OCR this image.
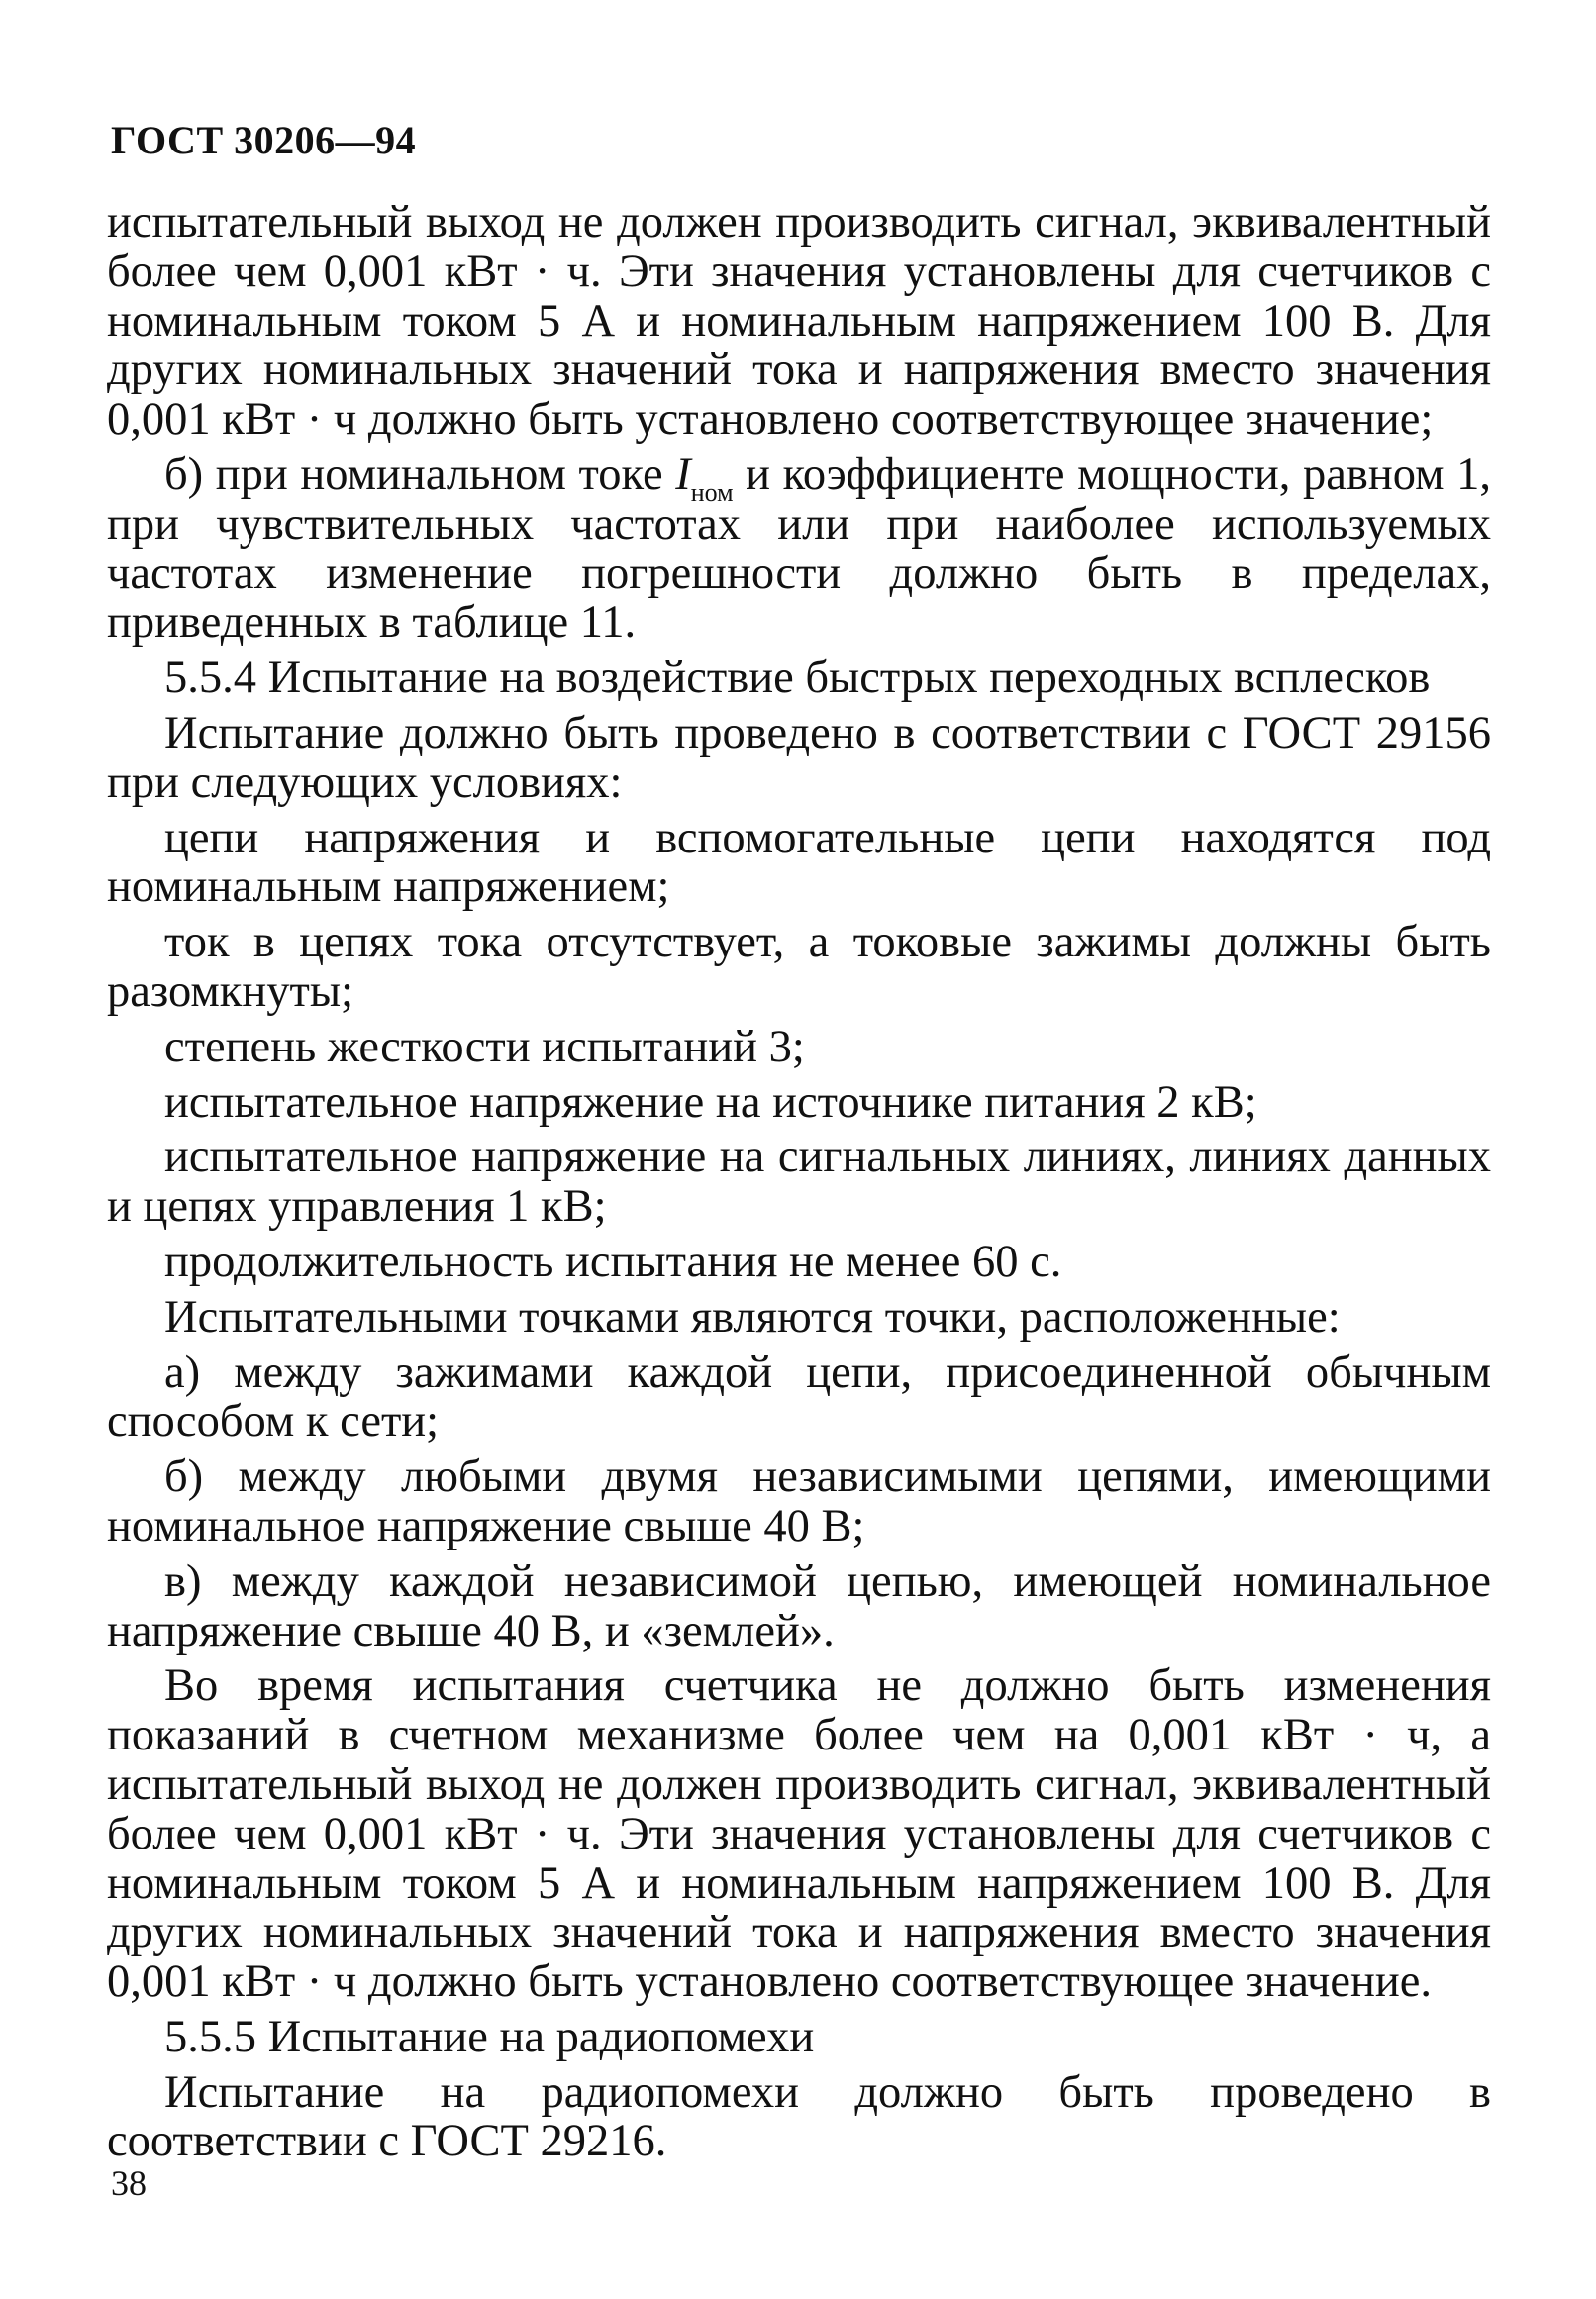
ГОСТ 30206—94

испытательный выход не должен производить сигнал, эквивалентный более чем 0,001 кВт · ч. Эти значения установлены для счетчиков с номинальным током 5 А и номинальным напряжением 100 В. Для других номинальных значений тока и напряжения вместо значения 0,001 кВт · ч должно быть установлено соответствующее значение;

б) при номинальном токе $I_{ном}$ и коэффициенте мощности, равном 1, при чувствительных частотах или при наиболее используемых частотах изменение погрешности должно быть в пределах, приведенных в таблице 11.

5.5.4 Испытание на воздействие быстрых переходных всплесков

Испытание должно быть проведено в соответствии с ГОСТ 29156 при следующих условиях:

цепи напряжения и вспомогательные цепи находятся под номинальным напряжением;

ток в цепях тока отсутствует, а токовые зажимы должны быть разомкнуты;

степень жесткости испытаний 3;

испытательное напряжение на источнике питания 2 кВ;

испытательное напряжение на сигнальных линиях, линиях данных и цепях управления 1 кВ;

продолжительность испытания не менее 60 с.

Испытательными точками являются точки, расположенные:

а) между зажимами каждой цепи, присоединенной обычным способом к сети;

б) между любыми двумя независимыми цепями, имеющими номинальное напряжение свыше 40 В;

в) между каждой независимой цепью, имеющей номинальное напряжение свыше 40 В, и «землей».

Во время испытания счетчика не должно быть изменения показаний в счетном механизме более чем на 0,001 кВт · ч, а испытательный выход не должен производить сигнал, эквивалентный более чем 0,001 кВт · ч. Эти значения установлены для счетчиков с номинальным током 5 А и номинальным напряжением 100 В. Для других номинальных значений тока и напряжения вместо значения 0,001 кВт · ч должно быть установлено соответствующее значение.

5.5.5 Испытание на радиопомехи

Испытание на радиопомехи должно быть проведено в соответствии с ГОСТ 29216.

38
